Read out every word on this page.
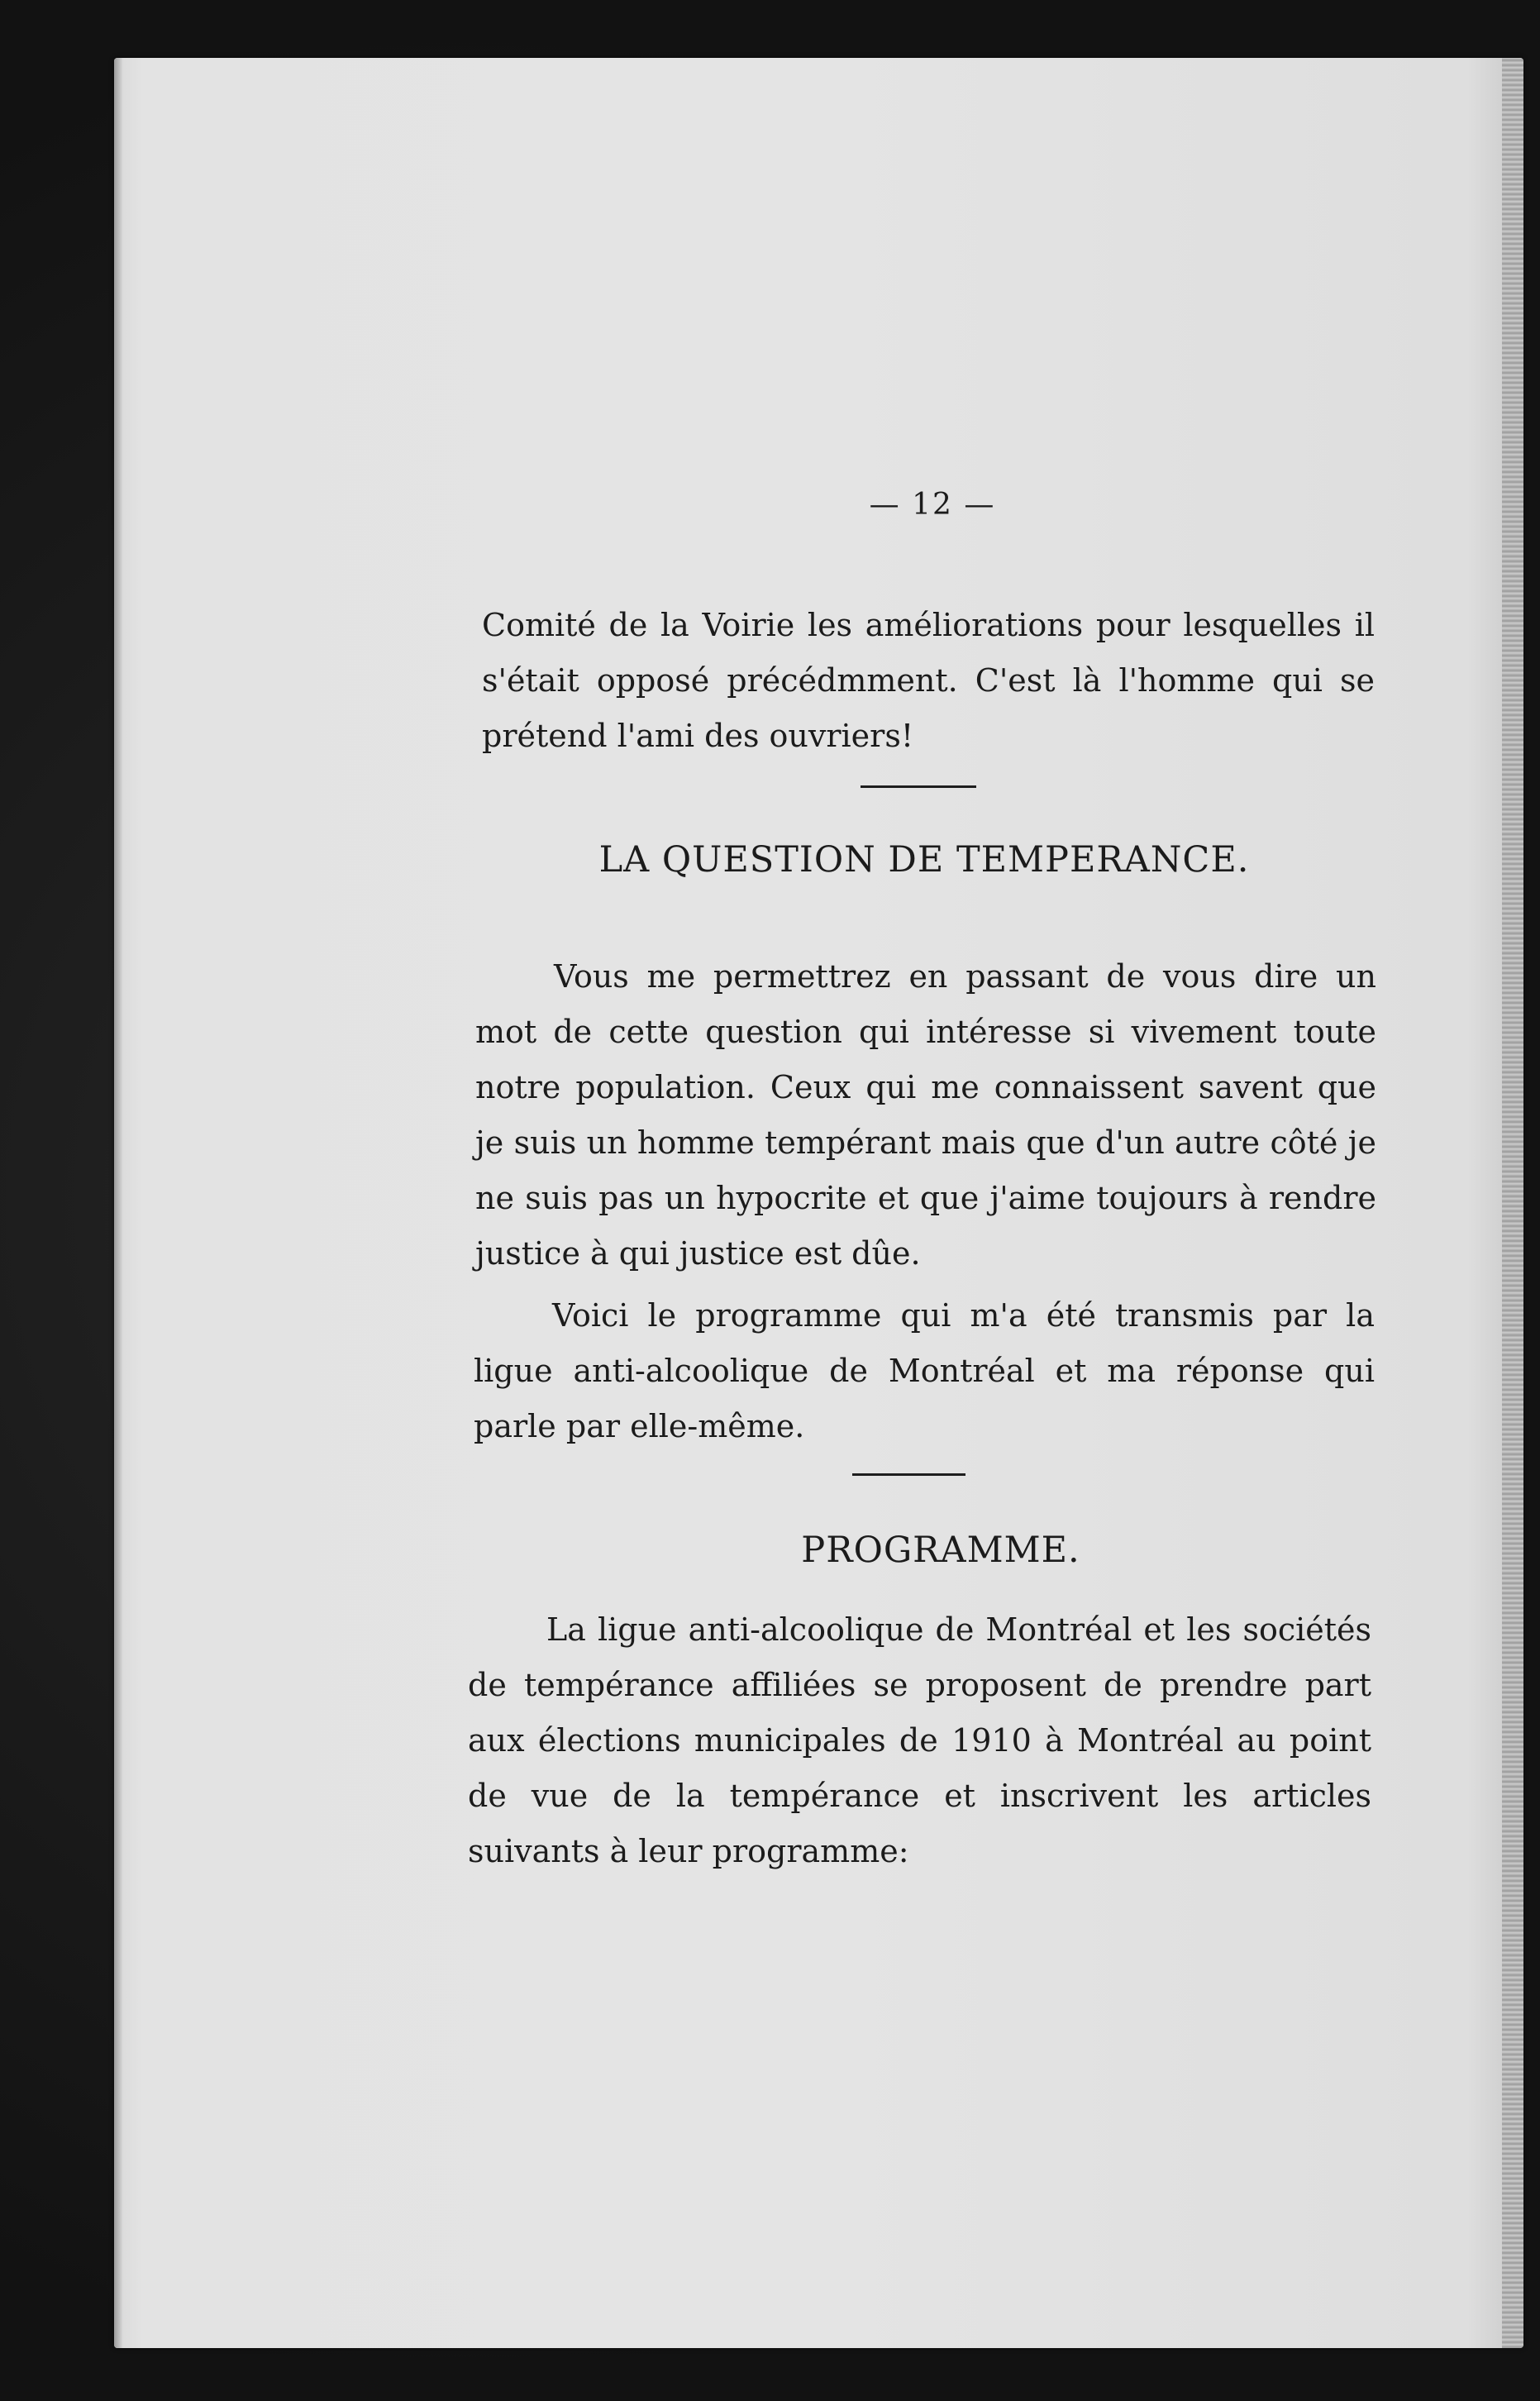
— 12 —

Comité de la Voirie les améliorations pour lesquelles il s'était opposé précédmment. C'est là l'homme qui se prétend l'ami des ouvriers!

LA QUESTION DE TEMPERANCE.

Vous me permettrez en passant de vous dire un mot de cette question qui intéresse si vivement toute notre population. Ceux qui me connaissent savent que je suis un homme tempérant mais que d'un autre côté je ne suis pas un hypocrite et que j'aime toujours à rendre justice à qui justice est dûe.

Voici le programme qui m'a été transmis par la ligue anti-alcoolique de Montréal et ma réponse qui parle par elle-même.

PROGRAMME.

La ligue anti-alcoolique de Montréal et les sociétés de tempérance affiliées se proposent de prendre part aux élections municipales de 1910 à Montréal au point de vue de la tempérance et inscrivent les articles suivants à leur programme:
